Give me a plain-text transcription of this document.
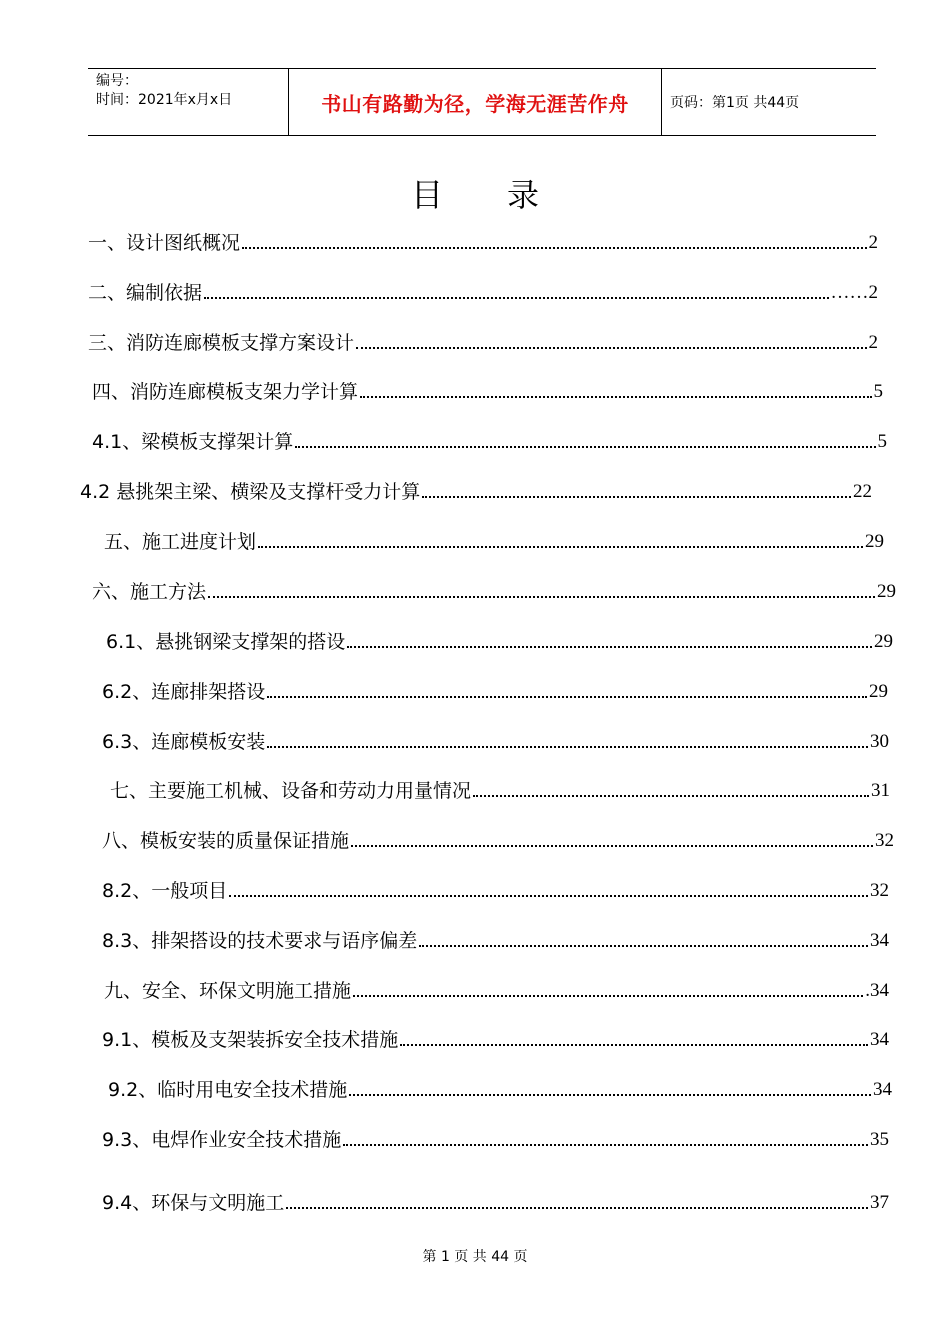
编号：
时间：2021年x月x日	书山有路勤为径，学海无涯苦作舟	页码：第1页 共44页
目 录
一、设计图纸概况	2
二、编制依据	……2
三、消防连廊模板支撑方案设计	2
四、消防连廊模板支架力学计算	5
4.1、梁模板支撑架计算	5
4.2 悬挑架主梁、横梁及支撑杆受力计算	22
五、施工进度计划	29
六、施工方法	29
6.1、悬挑钢梁支撑架的搭设	29
6.2、连廊排架搭设	29
6.3、连廊模板安装	30
七、主要施工机械、设备和劳动力用量情况	31
八、模板安装的质量保证措施	32
8.2、一般项目	32
8.3、排架搭设的技术要求与语序偏差	34
九、安全、环保文明施工措施	.34
9.1、模板及支架装拆安全技术措施	34
9.2、临时用电安全技术措施	34
9.3、电焊作业安全技术措施	35
9.4、环保与文明施工	37
第 1 页 共 44 页
